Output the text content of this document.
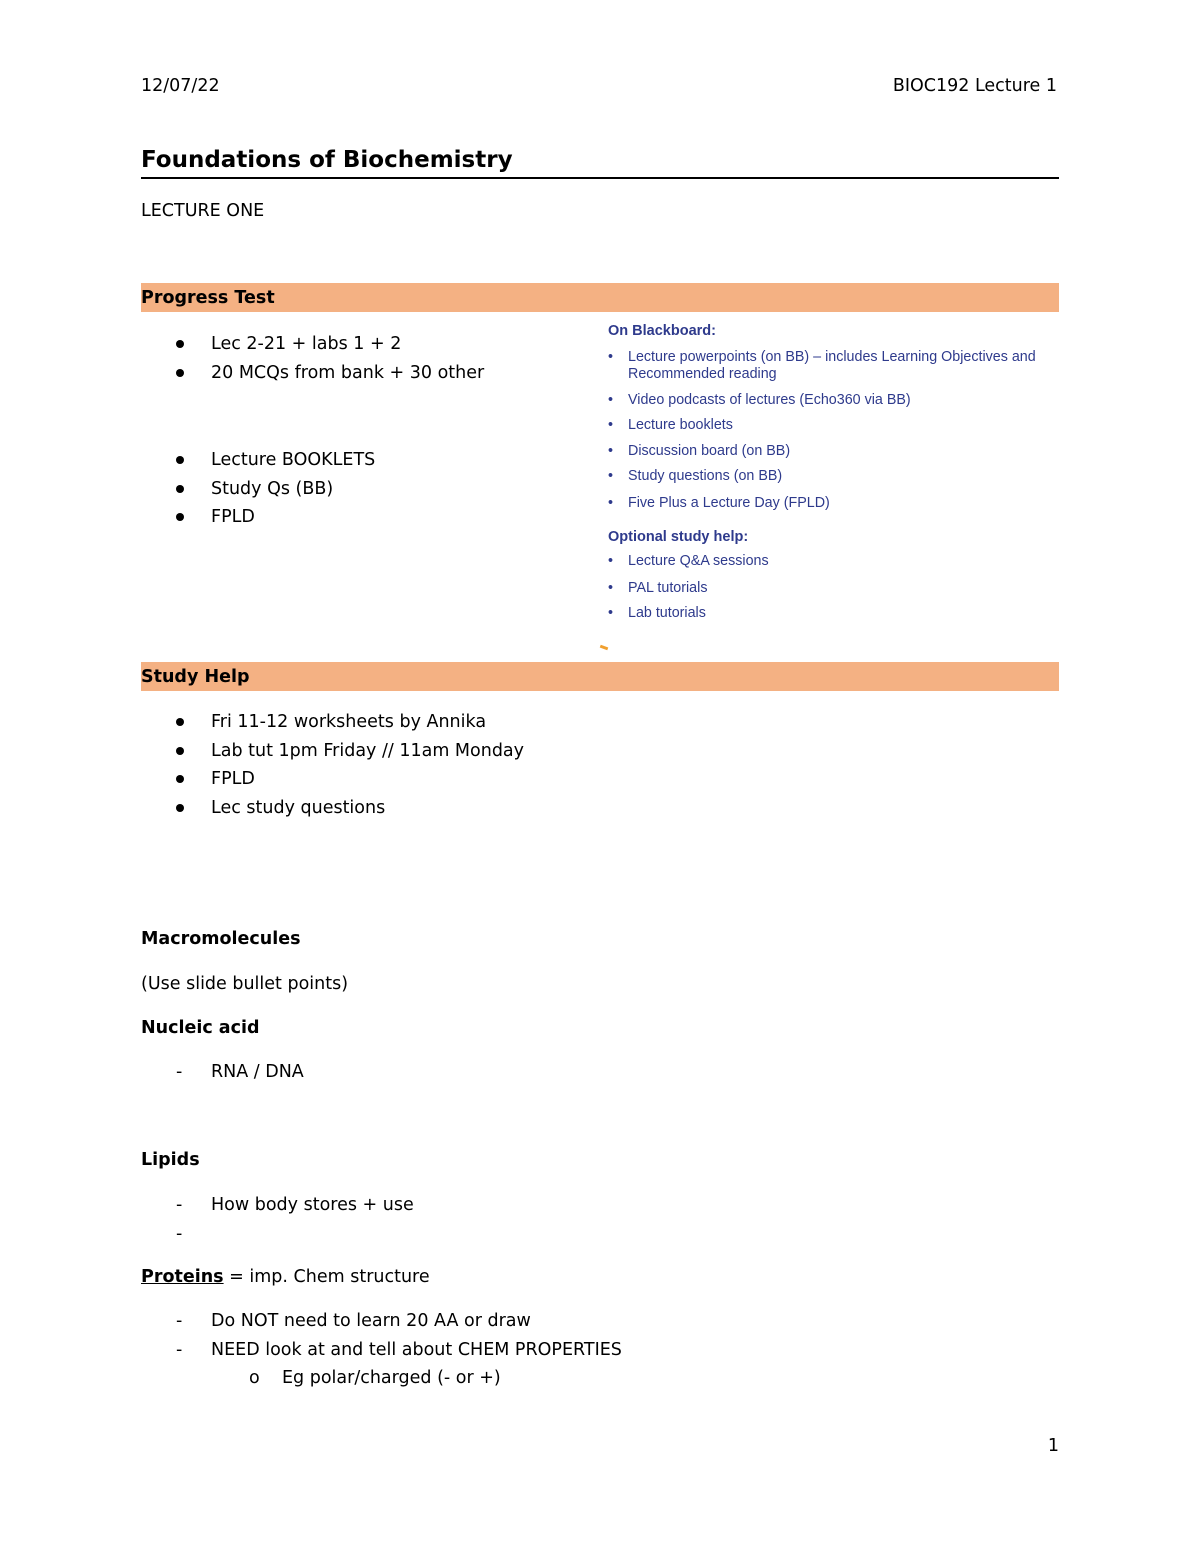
12/07/22	BIOC192 Lecture 1
Foundations of Biochemistry
LECTURE ONE
Progress Test
Lec 2-21 + labs 1 + 2
20 MCQs from bank + 30 other
Lecture BOOKLETS
Study Qs (BB)
FPLD
On Blackboard:
• Lecture powerpoints (on BB) – includes Learning Objectives and Recommended reading
• Video podcasts of lectures (Echo360 via BB)
• Lecture booklets
• Discussion board (on BB)
• Study questions (on BB)
• Five Plus a Lecture Day (FPLD)
Optional study help:
• Lecture Q&A sessions
• PAL tutorials
• Lab tutorials
Study Help
Fri 11-12 worksheets by Annika
Lab tut 1pm Friday // 11am Monday
FPLD
Lec study questions
Macromolecules
(Use slide bullet points)
Nucleic acid
- RNA / DNA
Lipids
- How body stores + use
-
Proteins = imp. Chem structure
- Do NOT need to learn 20 AA or draw
- NEED look at and tell about CHEM PROPERTIES
o Eg polar/charged (- or +)
1
